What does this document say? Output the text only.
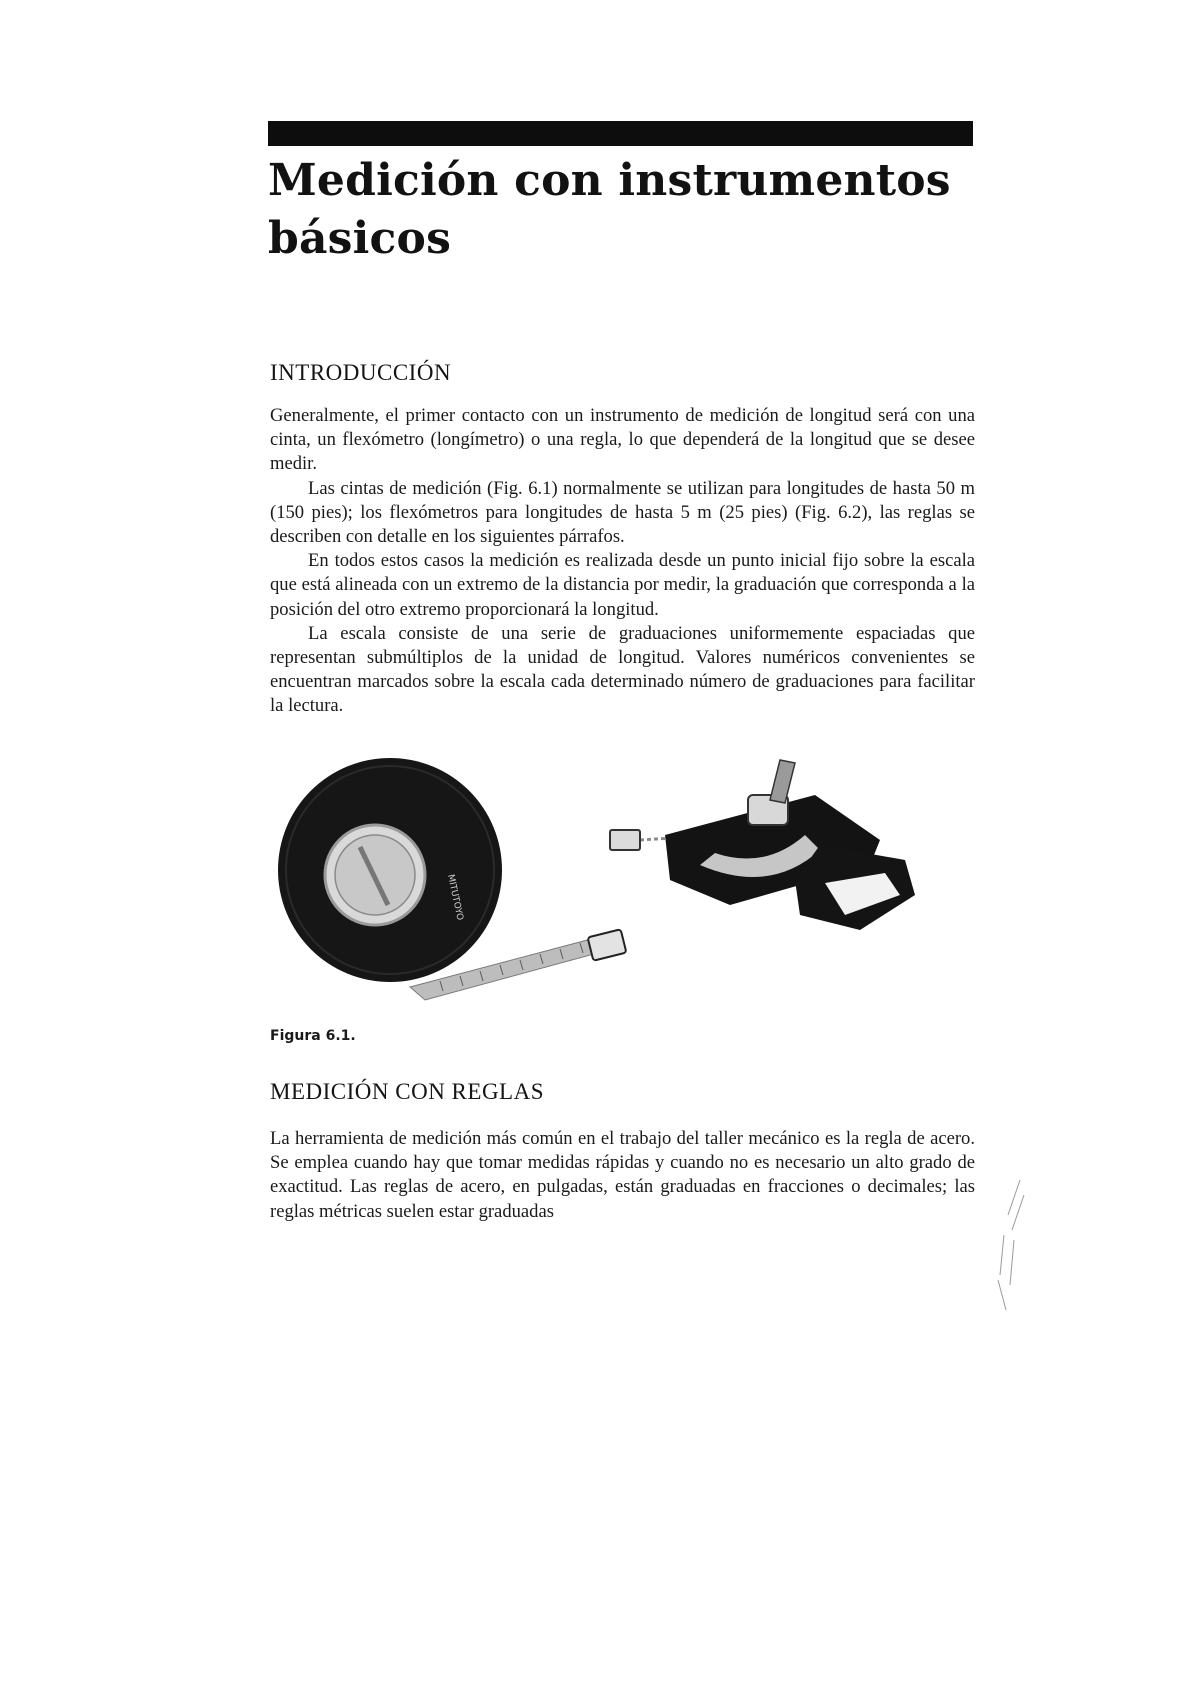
Medición con instrumentos básicos
INTRODUCCIÓN

Generalmente, el primer contacto con un instrumento de medición de longitud será con una cinta, un flexómetro (longímetro) o una regla, lo que dependerá de la longitud que se desee medir.

Las cintas de medición (Fig. 6.1) normalmente se utilizan para longitudes de hasta 50 m (150 pies); los flexómetros para longitudes de hasta 5 m (25 pies) (Fig. 6.2), las reglas se describen con detalle en los siguientes párrafos.

En todos estos casos la medición es realizada desde un punto inicial fijo sobre la escala que está alineada con un extremo de la distancia por medir, la graduación que corresponda a la posición del otro extremo proporcionará la longitud.

La escala consiste de una serie de graduaciones uniformemente espaciadas que representan submúltiplos de la unidad de longitud. Valores numéricos convenientes se encuentran marcados sobre la escala cada determinado número de graduaciones para facilitar la lectura.

MITUTOYO
Figura 6.1.
MEDICIÓN CON REGLAS

La herramienta de medición más común en el trabajo del taller mecánico es la regla de acero. Se emplea cuando hay que tomar medidas rápidas y cuando no es necesario un alto grado de exactitud. Las reglas de acero, en pulgadas, están graduadas en fracciones o decimales; las reglas métricas suelen estar graduadas
